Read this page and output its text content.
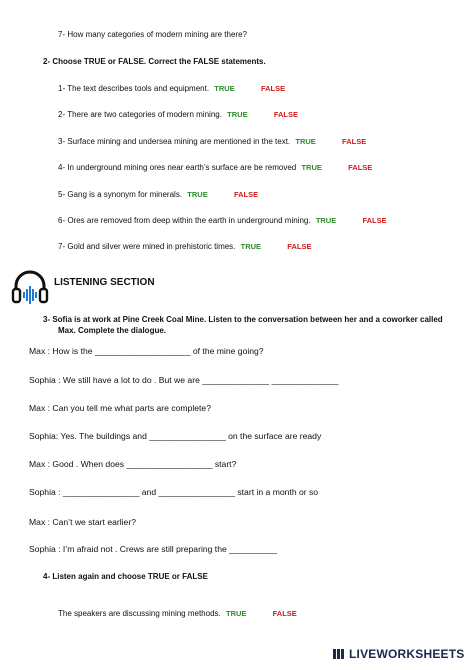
7- How many categories of modern mining are there?
2- Choose TRUE or FALSE. Correct the FALSE statements.
1- The text describes tools and equipment. TRUE	FALSE
2- There are two categories of modern mining. TRUE	FALSE
3- Surface mining and undersea mining are mentioned in the text. TRUE	FALSE
4- In underground mining ores near earth’s surface are be removed TRUE	FALSE
5- Gang is a synonym for minerals. TRUE	FALSE
6- Ores are removed from deep within the earth in underground mining. TRUE	FALSE
7- Gold and silver were mined in prehistoric times. TRUE	FALSE
LISTENING SECTION
3- Sofia is at work at Pine Creek Coal Mine. Listen to the conversation between her and a coworker called
Max. Complete the dialogue.
Max : How is the ____________________ of the mine going?
Sophia : We still have a lot to do . But we are ______________ ______________
Max : Can you tell me what parts are complete?
Sophia: Yes. The buildings and ________________ on the surface are ready
Max : Good . When does __________________ start?
Sophia : ________________ and ________________ start in a month or so
Max : Can’t we start earlier?
Sophia : I’m afraid not . Crews are still preparing the __________
4- Listen again and choose TRUE or FALSE
The speakers are discussing mining methods. TRUE	FALSE
LIVEWORKSHEETS
